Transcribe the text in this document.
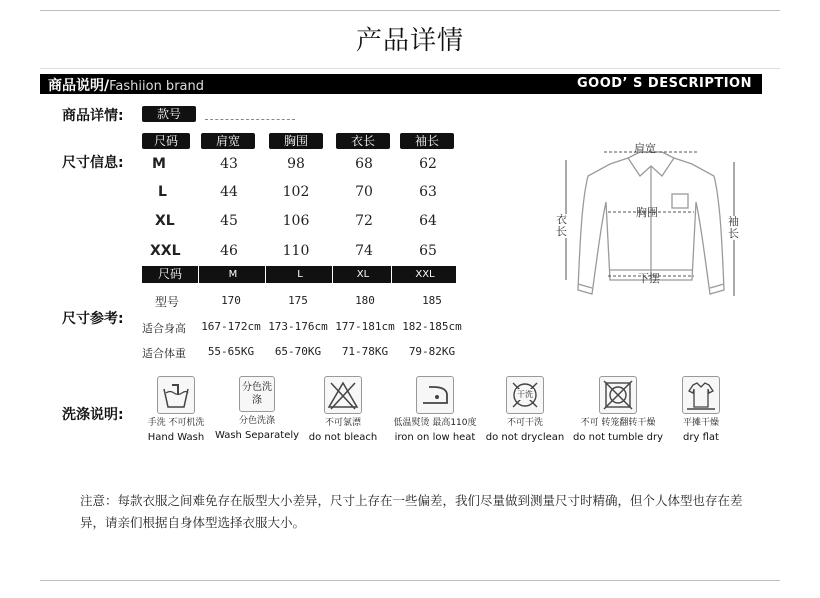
产品详情
商品说明/Fashiion brand	GOOD’ S DESCRIPTION
商品详情:	款号
尺寸信息:
尺码	肩宽	胸围	衣长	袖长
M	43	98	68	62
L	44	102	70	63
XL	45	106	72	64
XXL	46	110	74	65
尺寸参考:
尺码	M	L	XL	XXL
型号	170	175	180	185
适合身高	167-172cm 173-176cm 177-181cm 182-185cm
适合体重	55-65KG	65-70KG	71-78KG	79-82KG
肩宽
胸围
下摆
衣长
袖长
洗涤说明:	手洗 不可机洗
Hand Wash
分色洗涤
分色洗涤
Wash Separately
不可氯漂
do not bleach
低温熨烫 最高110度
iron on low heat
干洗
不可干洗
do not dryclean
不可 转笼翻转干燥
do not tumble dry
平摊干燥
dry flat
注意：每款衣服之间难免存在版型大小差异，尺寸上存在一些偏差，我们尽量做到测量尺寸时精确，但个人体型也存在差异，请亲们根据自身体型选择衣服大小。
